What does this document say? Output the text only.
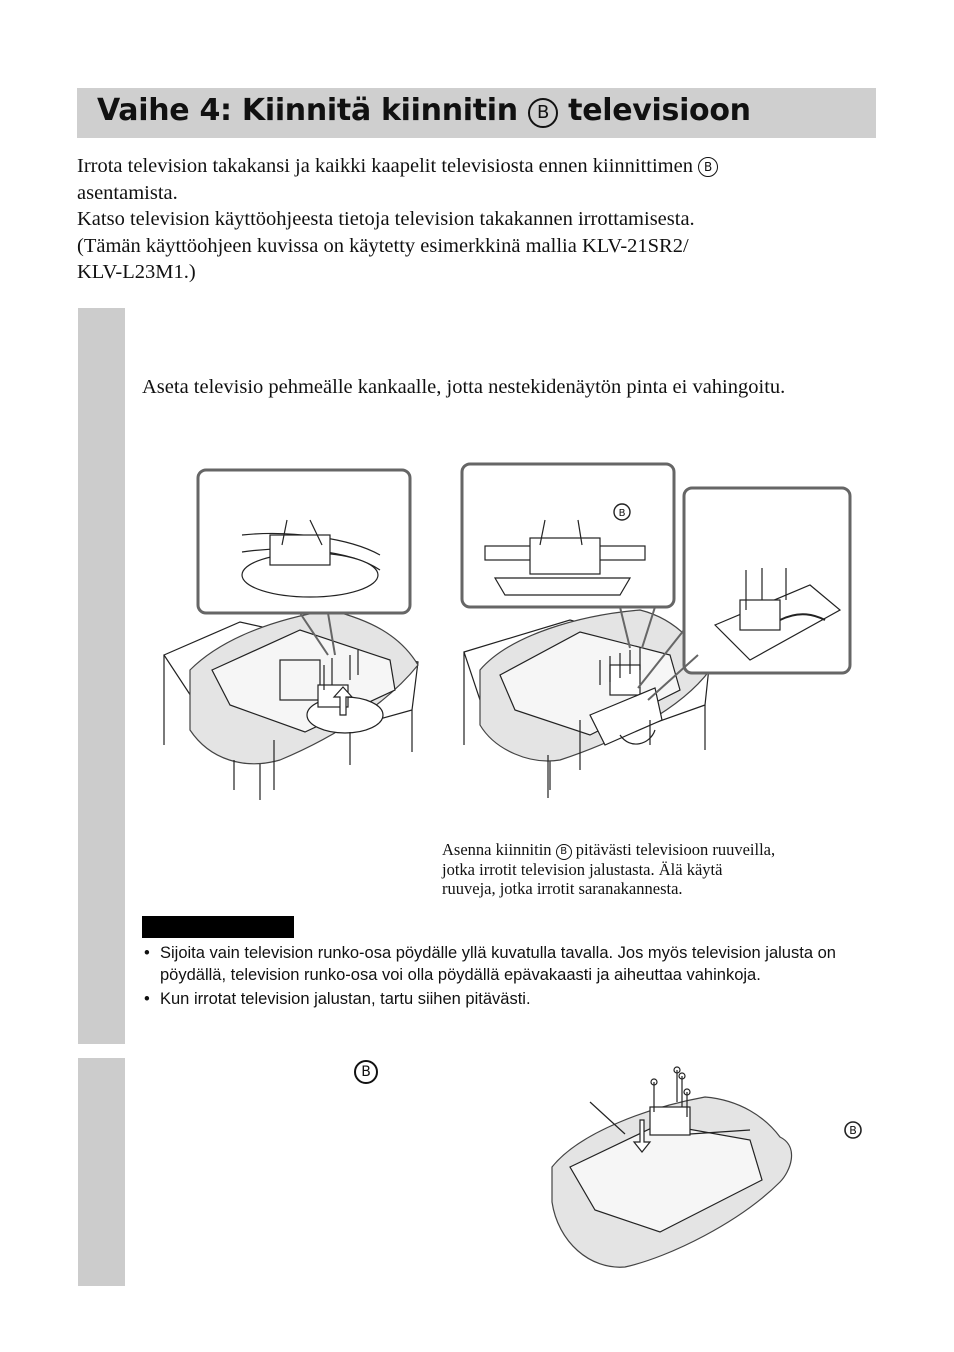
Vaihe 4: Kiinnitä kiinnitin B televisioon
Irrota television takakansi ja kaikki kaapelit televisiosta ennen kiinnittimen B
asentamista.
Katso television käyttöohjeesta tietoja television takakannen irrottamisesta.
(Tämän käyttöohjeen kuvissa on käytetty esimerkkinä mallia KLV-21SR2/
KLV-L23M1.)
Aseta televisio pehmeälle kankaalle, jotta nestekidenäytön pinta ei vahingoitu.
B
Asenna kiinnitin B pitävästi televisioon ruuveilla,
jotka irrotit television jalustasta. Älä käytä
ruuveja, jotka irrotit saranakannesta.
• Sijoita vain television runko-osa pöydälle yllä kuvatulla tavalla. Jos myös television jalusta on pöydällä, television runko-osa voi olla pöydällä epävakaasti ja aiheuttaa vahinkoja.
• Kun irrotat television jalustan, tartu siihen pitävästi.
B
B
